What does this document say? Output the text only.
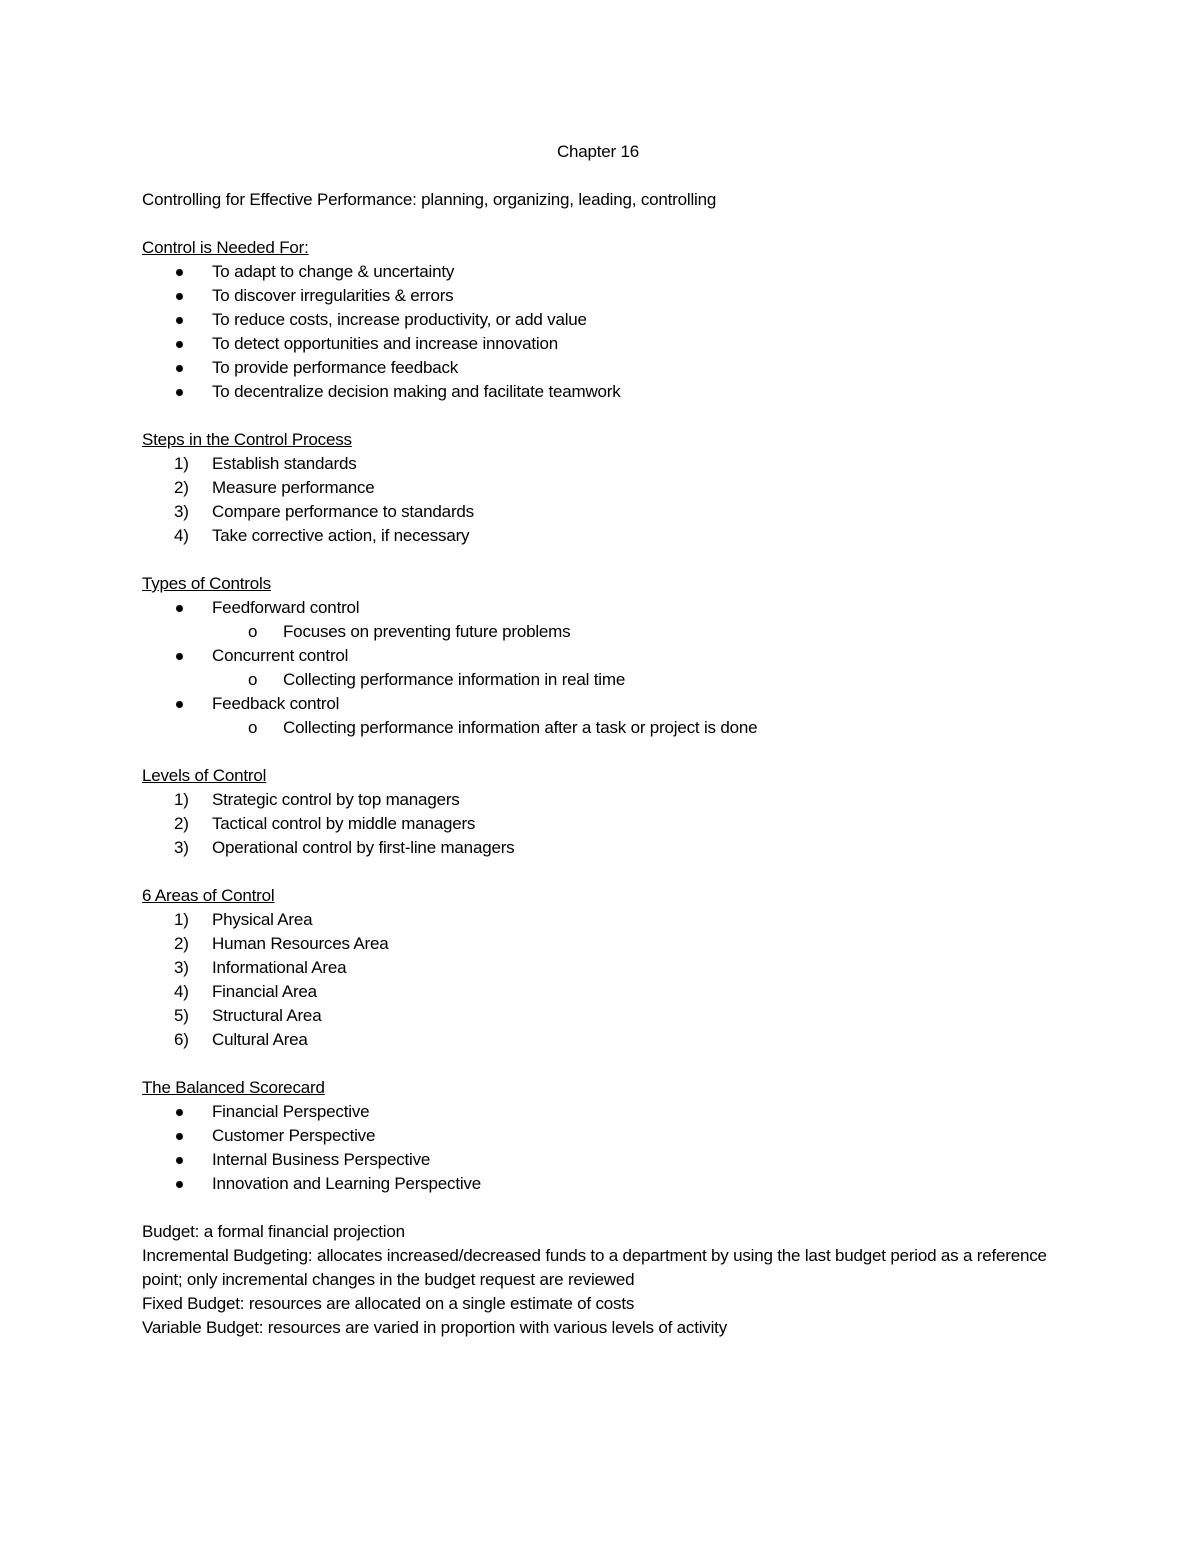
Chapter 16
Controlling for Effective Performance: planning, organizing, leading, controlling
Control is Needed For:
To adapt to change & uncertainty
To discover irregularities & errors
To reduce costs, increase productivity, or add value
To detect opportunities and increase innovation
To provide performance feedback
To decentralize decision making and facilitate teamwork
Steps in the Control Process
1)	Establish standards
2)	Measure performance
3)	Compare performance to standards
4)	Take corrective action, if necessary
Types of Controls
Feedforward control
o Focuses on preventing future problems
Concurrent control
o Collecting performance information in real time
Feedback control
o Collecting performance information after a task or project is done
Levels of Control
1)	Strategic control by top managers
2)	Tactical control by middle managers
3)	Operational control by first-line managers
6 Areas of Control
1)	Physical Area
2)	Human Resources Area
3)	Informational Area
4)	Financial Area
5)	Structural Area
6)	Cultural Area
The Balanced Scorecard
Financial Perspective
Customer Perspective
Internal Business Perspective
Innovation and Learning Perspective
Budget: a formal financial projection
Incremental Budgeting: allocates increased/decreased funds to a department by using the last budget period as a reference point; only incremental changes in the budget request are reviewed
Fixed Budget: resources are allocated on a single estimate of costs
Variable Budget: resources are varied in proportion with various levels of activity
